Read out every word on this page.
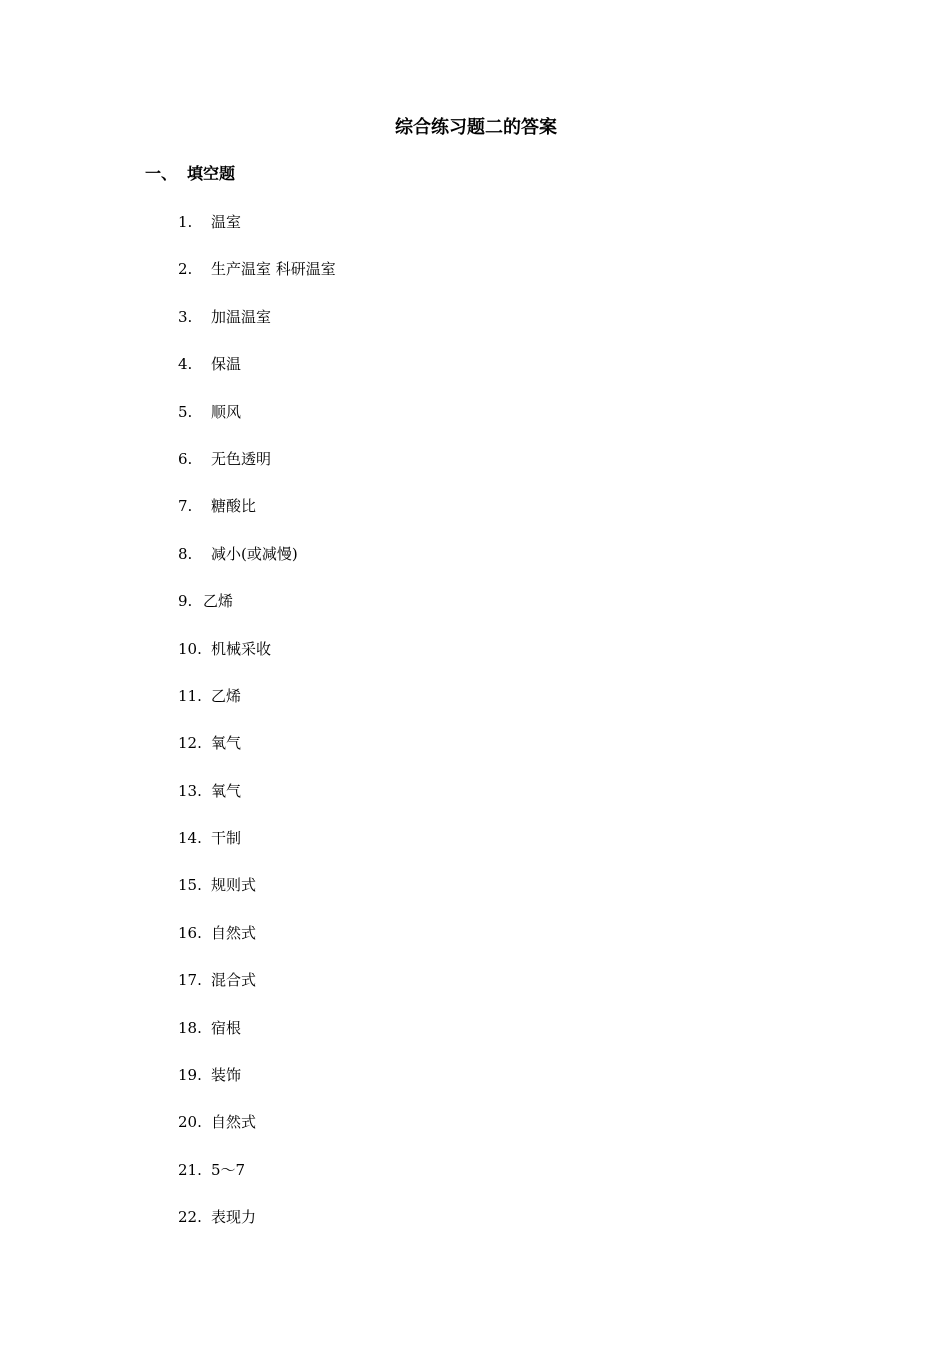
综合练习题二的答案
一、 填空题
1. 温室
2. 生产温室 科研温室
3. 加温温室
4. 保温
5. 顺风
6. 无色透明
7. 糖酸比
8. 减小(或减慢)
9. 乙烯
10. 机械采收
11. 乙烯
12. 氧气
13. 氧气
14. 干制
15. 规则式
16. 自然式
17. 混合式
18. 宿根
19. 装饰
20. 自然式
21. 5～7
22. 表现力
